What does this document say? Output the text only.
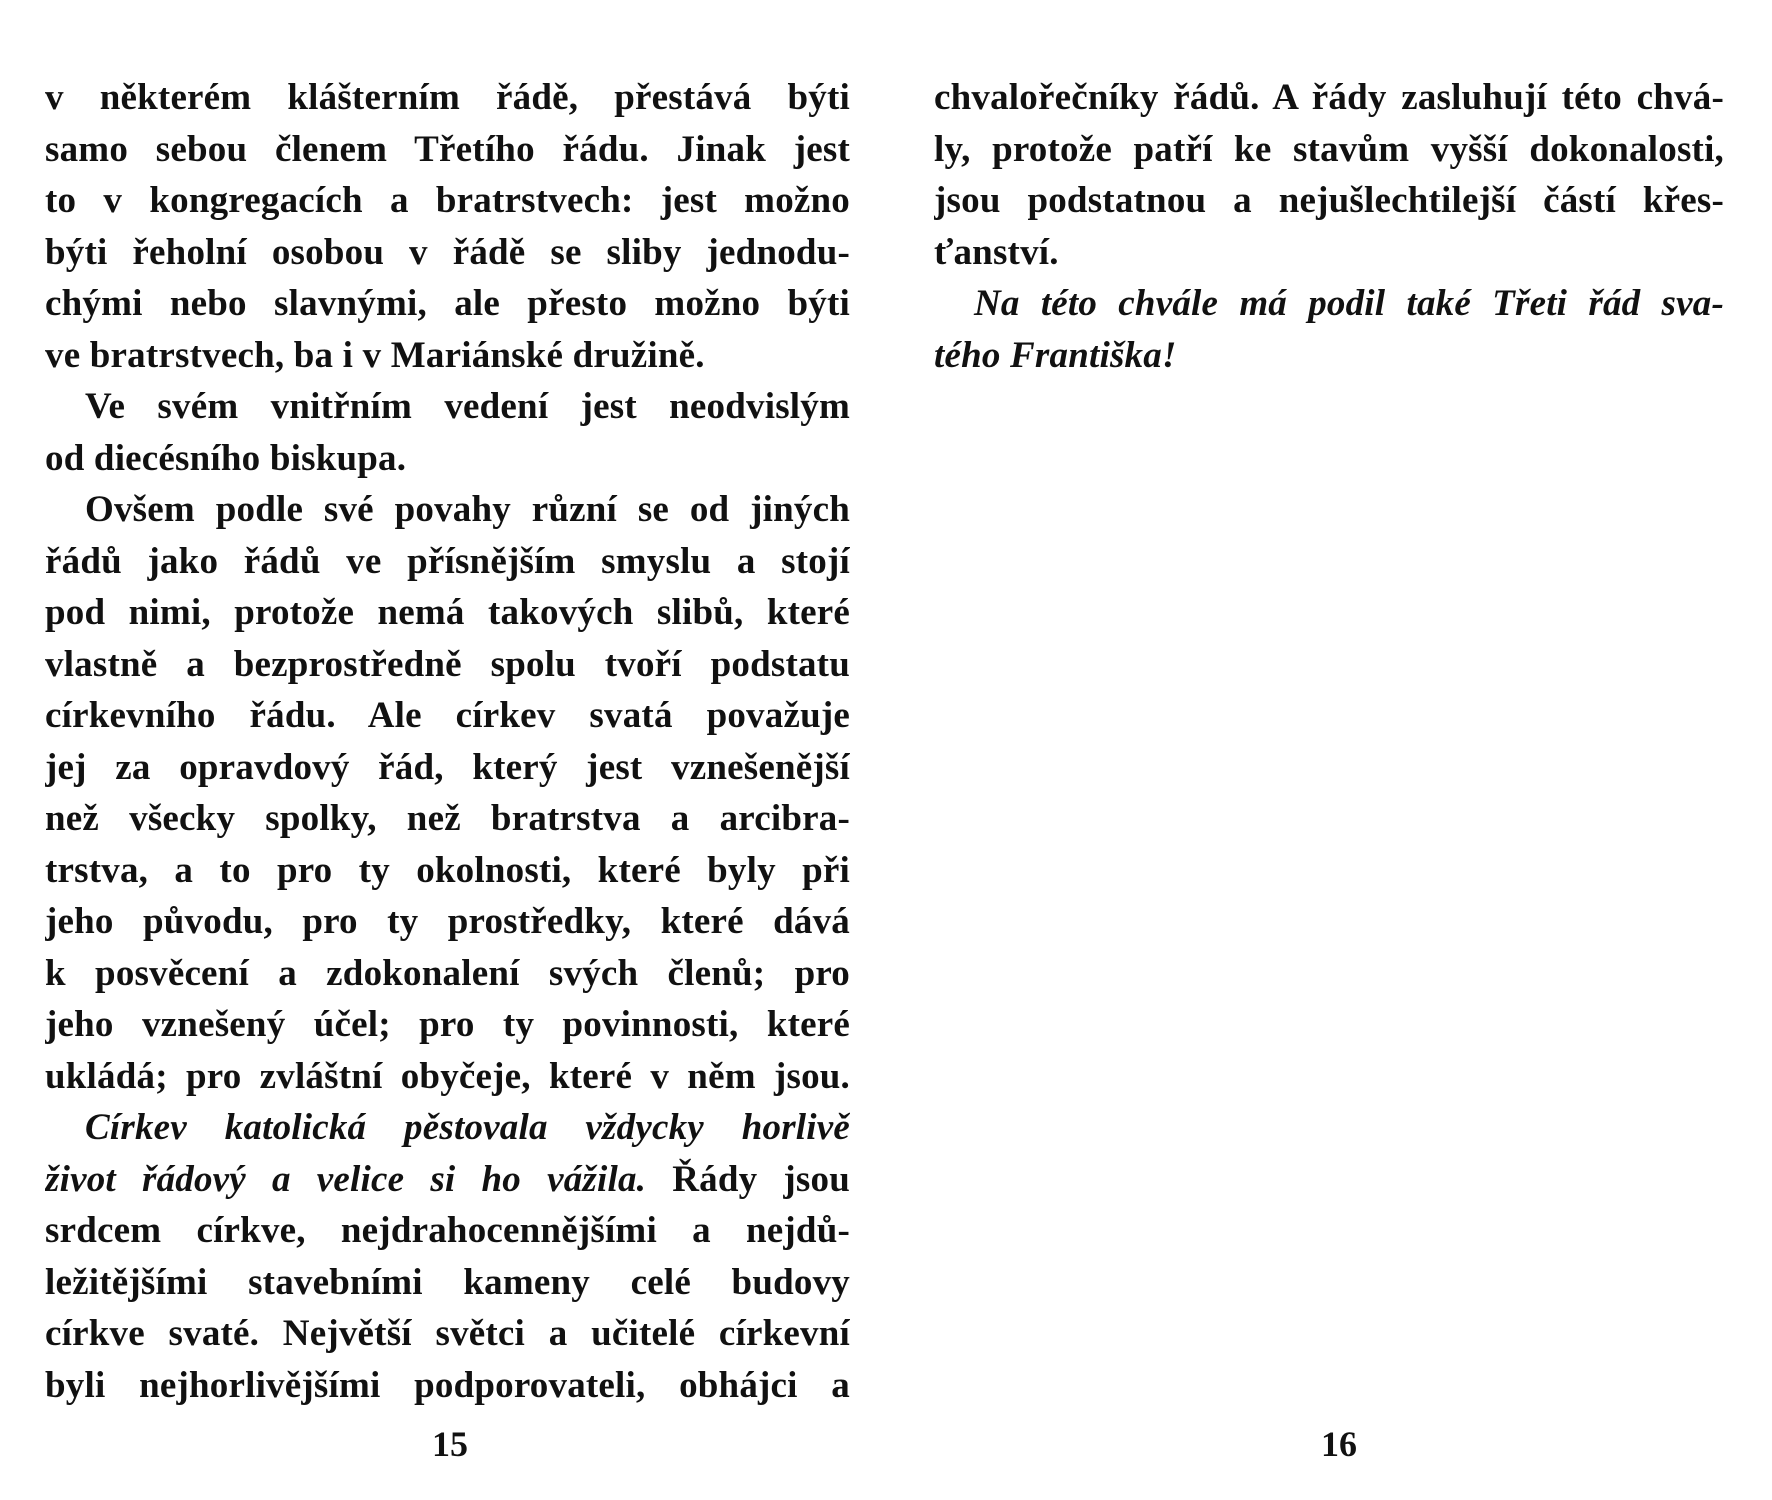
v některém klášterním řádě, přestává býti
samo sebou členem Třetího řádu. Jinak jest
to v kongregacích a bratrstvech: jest možno
býti řeholní osobou v řádě se sliby jednodu-
chými nebo slavnými, ale přesto možno býti
ve bratrstvech, ba i v Mariánské družině.
Ve svém vnitřním vedení jest neodvislým
od diecésního biskupa.
Ovšem podle své povahy různí se od jiných
řádů jako řádů ve přísnějším smyslu a stojí
pod nimi, protože nemá takových slibů, které
vlastně a bezprostředně spolu tvoří podstatu
církevního řádu. Ale církev svatá považuje
jej za opravdový řád, který jest vznešenější
než všecky spolky, než bratrstva a arcibra-
trstva, a to pro ty okolnosti, které byly při
jeho původu, pro ty prostředky, které dává
k posvěcení a zdokonalení svých členů; pro
jeho vznešený účel; pro ty povinnosti, které
ukládá; pro zvláštní obyčeje, které v něm jsou.
Církev katolická pěstovala vždycky horlivě
život řádový a velice si ho vážila. Řády jsou
srdcem církve, nejdrahocennějšími a nejdů-
ležitějšími stavebními kameny celé budovy
církve svaté. Největší světci a učitelé církevní
byli nejhorlivějšími podporovateli, obhájci a
15
chvalořečníky řádů. A řády zasluhují této chvá-
ly, protože patří ke stavům vyšší dokonalosti,
jsou podstatnou a nejušlechtilejší částí křes-
ťanství.
Na této chvále má podil také Třeti řád sva-
tého Františka!
16
